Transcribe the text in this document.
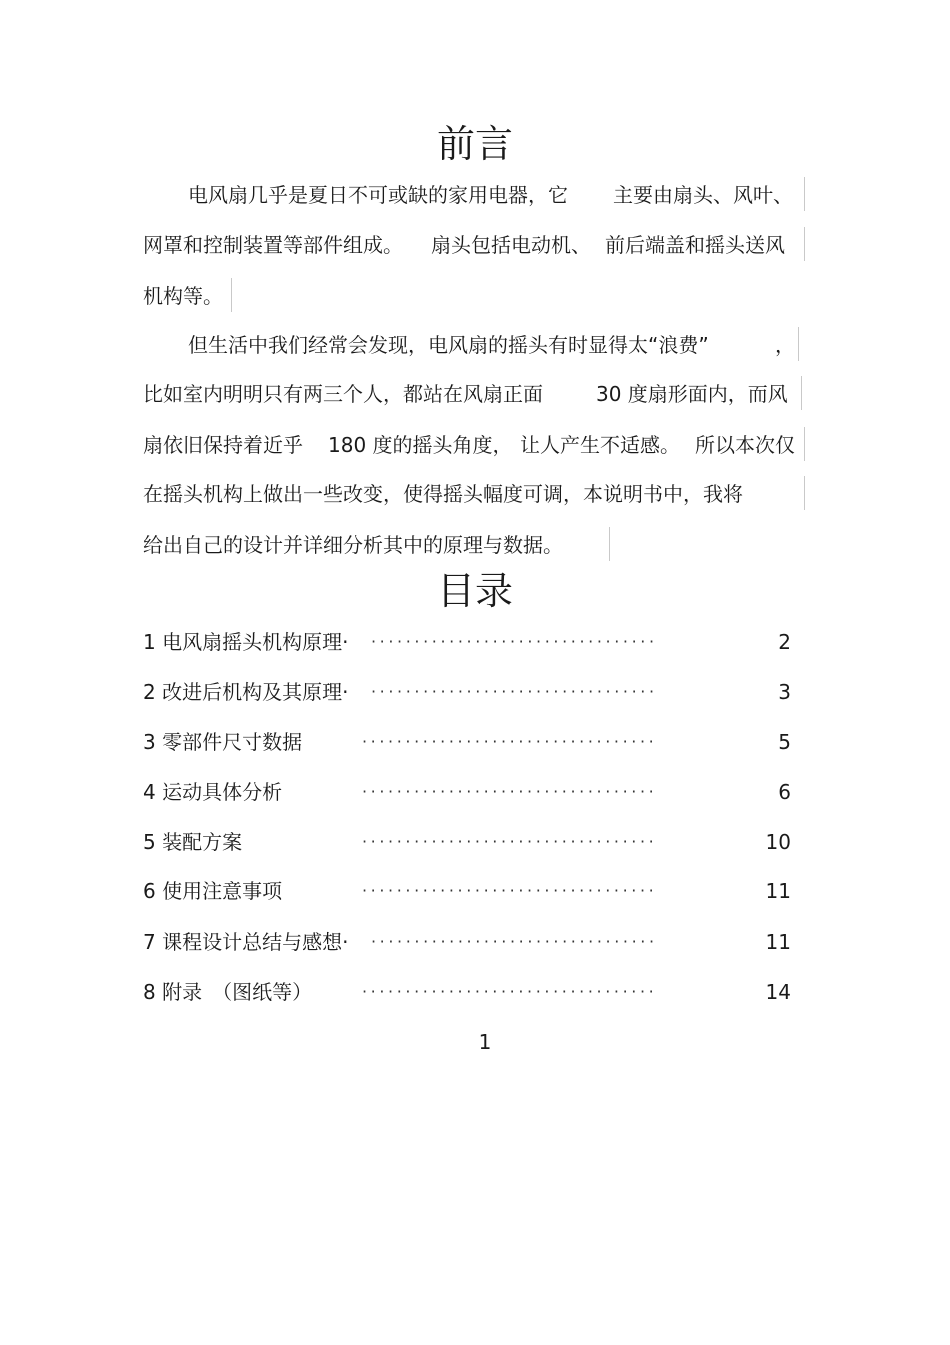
前言
电风扇几乎是夏日不可或缺的家用电器，它 主要由扇头、风叶、
网罩和控制装置等部件组成。 扇头包括电动机、 前后端盖和摇头送风
机构等。
但生活中我们经常会发现，电风扇的摇头有时显得太“浪费”	，
比如室内明明只有两三个人，都站在风扇正面	30 度扇形面内，而风
扇依旧保持着近乎 180 度的摇头角度， 让人产生不适感。 所以本次仅
在摇头机构上做出一些改变，使得摇头幅度可调，本说明书中，我将
给出自己的设计并详细分析其中的原理与数据。
目录
1 电风扇摇头机构原理· ·································	2
2 改进后机构及其原理· ·································	3
3 零部件尺寸数据	··································	5
4 运动具体分析	··································	6
5 装配方案	··································	10
6 使用注意事项	··································	11
7 课程设计总结与感想· ·································	11
8 附录　（图纸等）	··································	14
1
